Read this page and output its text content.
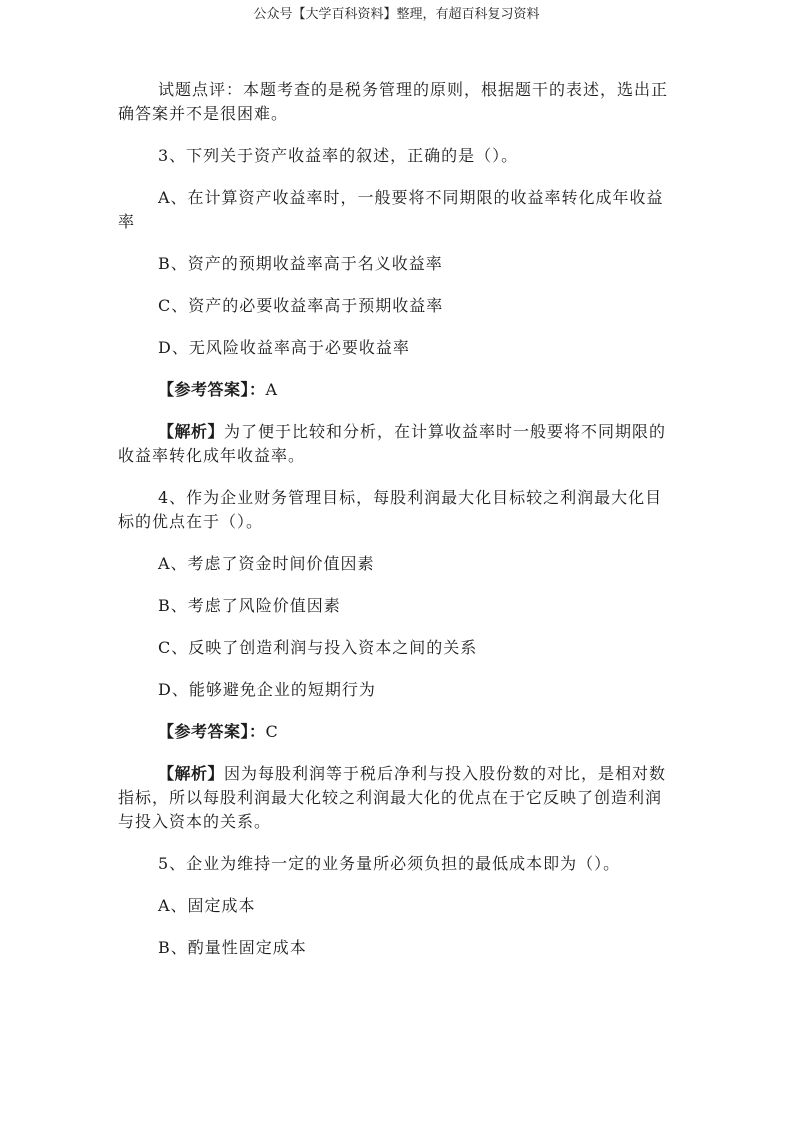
公众号【大学百科资料】整理，有超百科复习资料

试题点评：本题考查的是税务管理的原则，根据题干的表述，选出正确答案并不是很困难。

3、下列关于资产收益率的叙述，正确的是（）。

A、在计算资产收益率时，一般要将不同期限的收益率转化成年收益率

B、资产的预期收益率高于名义收益率

C、资产的必要收益率高于预期收益率

D、无风险收益率高于必要收益率

【参考答案】：A

【解析】为了便于比较和分析，在计算收益率时一般要将不同期限的收益率转化成年收益率。

4、作为企业财务管理目标，每股利润最大化目标较之利润最大化目标的优点在于（）。

A、考虑了资金时间价值因素

B、考虑了风险价值因素

C、反映了创造利润与投入资本之间的关系

D、能够避免企业的短期行为

【参考答案】：C

【解析】因为每股利润等于税后净利与投入股份数的对比，是相对数指标，所以每股利润最大化较之利润最大化的优点在于它反映了创造利润与投入资本的关系。

5、企业为维持一定的业务量所必须负担的最低成本即为（）。

A、固定成本

B、酌量性固定成本
